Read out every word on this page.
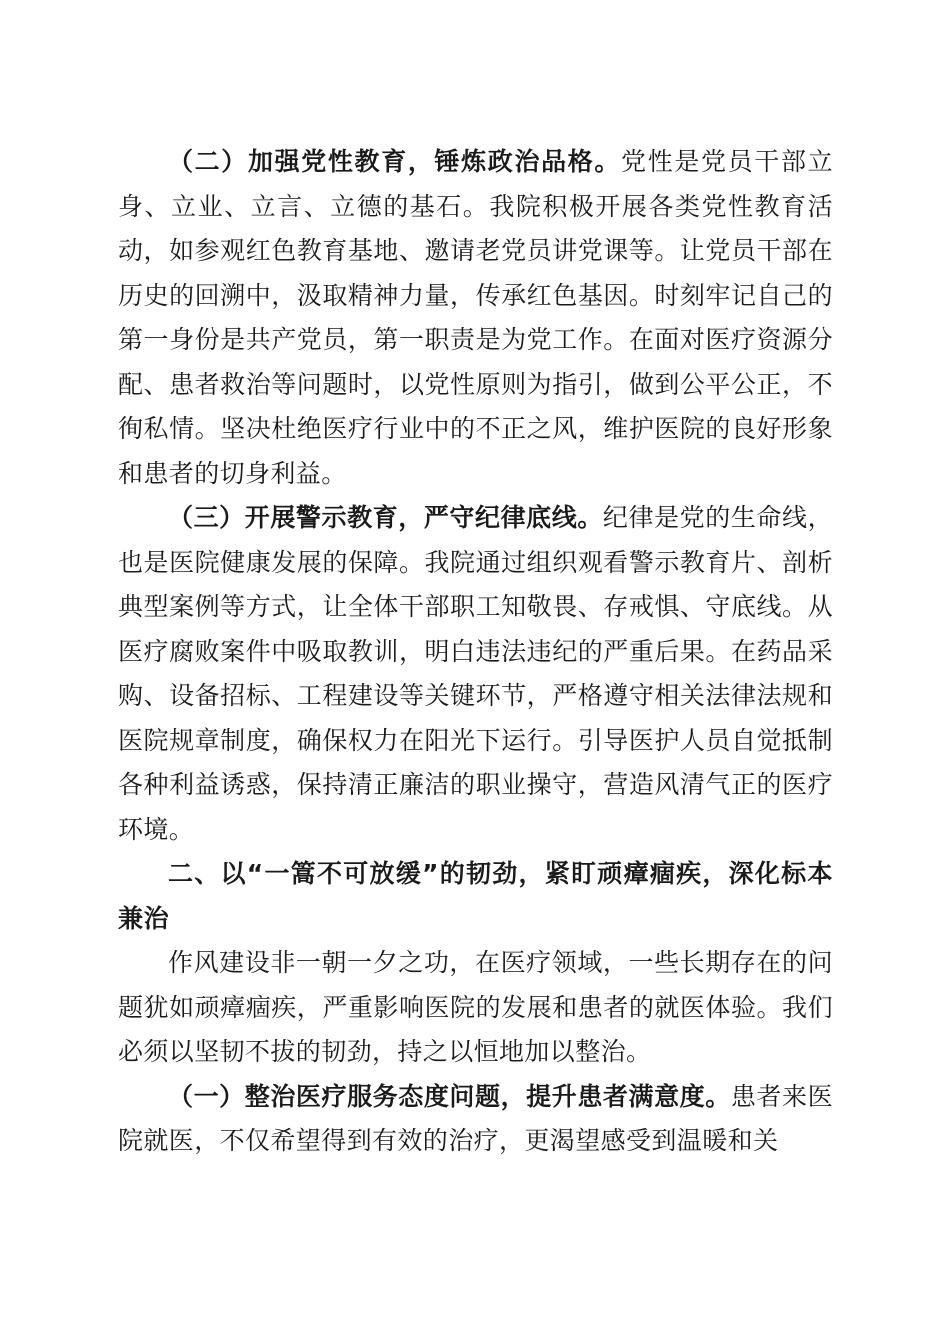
（二）加强党性教育，锤炼政治品格。党性是党员干部立身、立业、立言、立德的基石。我院积极开展各类党性教育活动，如参观红色教育基地、邀请老党员讲党课等。让党员干部在历史的回溯中，汲取精神力量，传承红色基因。时刻牢记自己的第一身份是共产党员，第一职责是为党工作。在面对医疗资源分配、患者救治等问题时，以党性原则为指引，做到公平公正，不徇私情。坚决杜绝医疗行业中的不正之风，维护医院的良好形象和患者的切身利益。

（三）开展警示教育，严守纪律底线。纪律是党的生命线，也是医院健康发展的保障。我院通过组织观看警示教育片、剖析典型案例等方式，让全体干部职工知敬畏、存戒惧、守底线。从医疗腐败案件中吸取教训，明白违法违纪的严重后果。在药品采购、设备招标、工程建设等关键环节，严格遵守相关法律法规和医院规章制度，确保权力在阳光下运行。引导医护人员自觉抵制各种利益诱惑，保持清正廉洁的职业操守，营造风清气正的医疗环境。

二、以“一篙不可放缓”的韧劲，紧盯顽瘴痼疾，深化标本兼治

作风建设非一朝一夕之功，在医疗领域，一些长期存在的问题犹如顽瘴痼疾，严重影响医院的发展和患者的就医体验。我们必须以坚韧不拔的韧劲，持之以恒地加以整治。

（一）整治医疗服务态度问题，提升患者满意度。患者来医院就医，不仅希望得到有效的治疗，更渴望感受到温暖和关
